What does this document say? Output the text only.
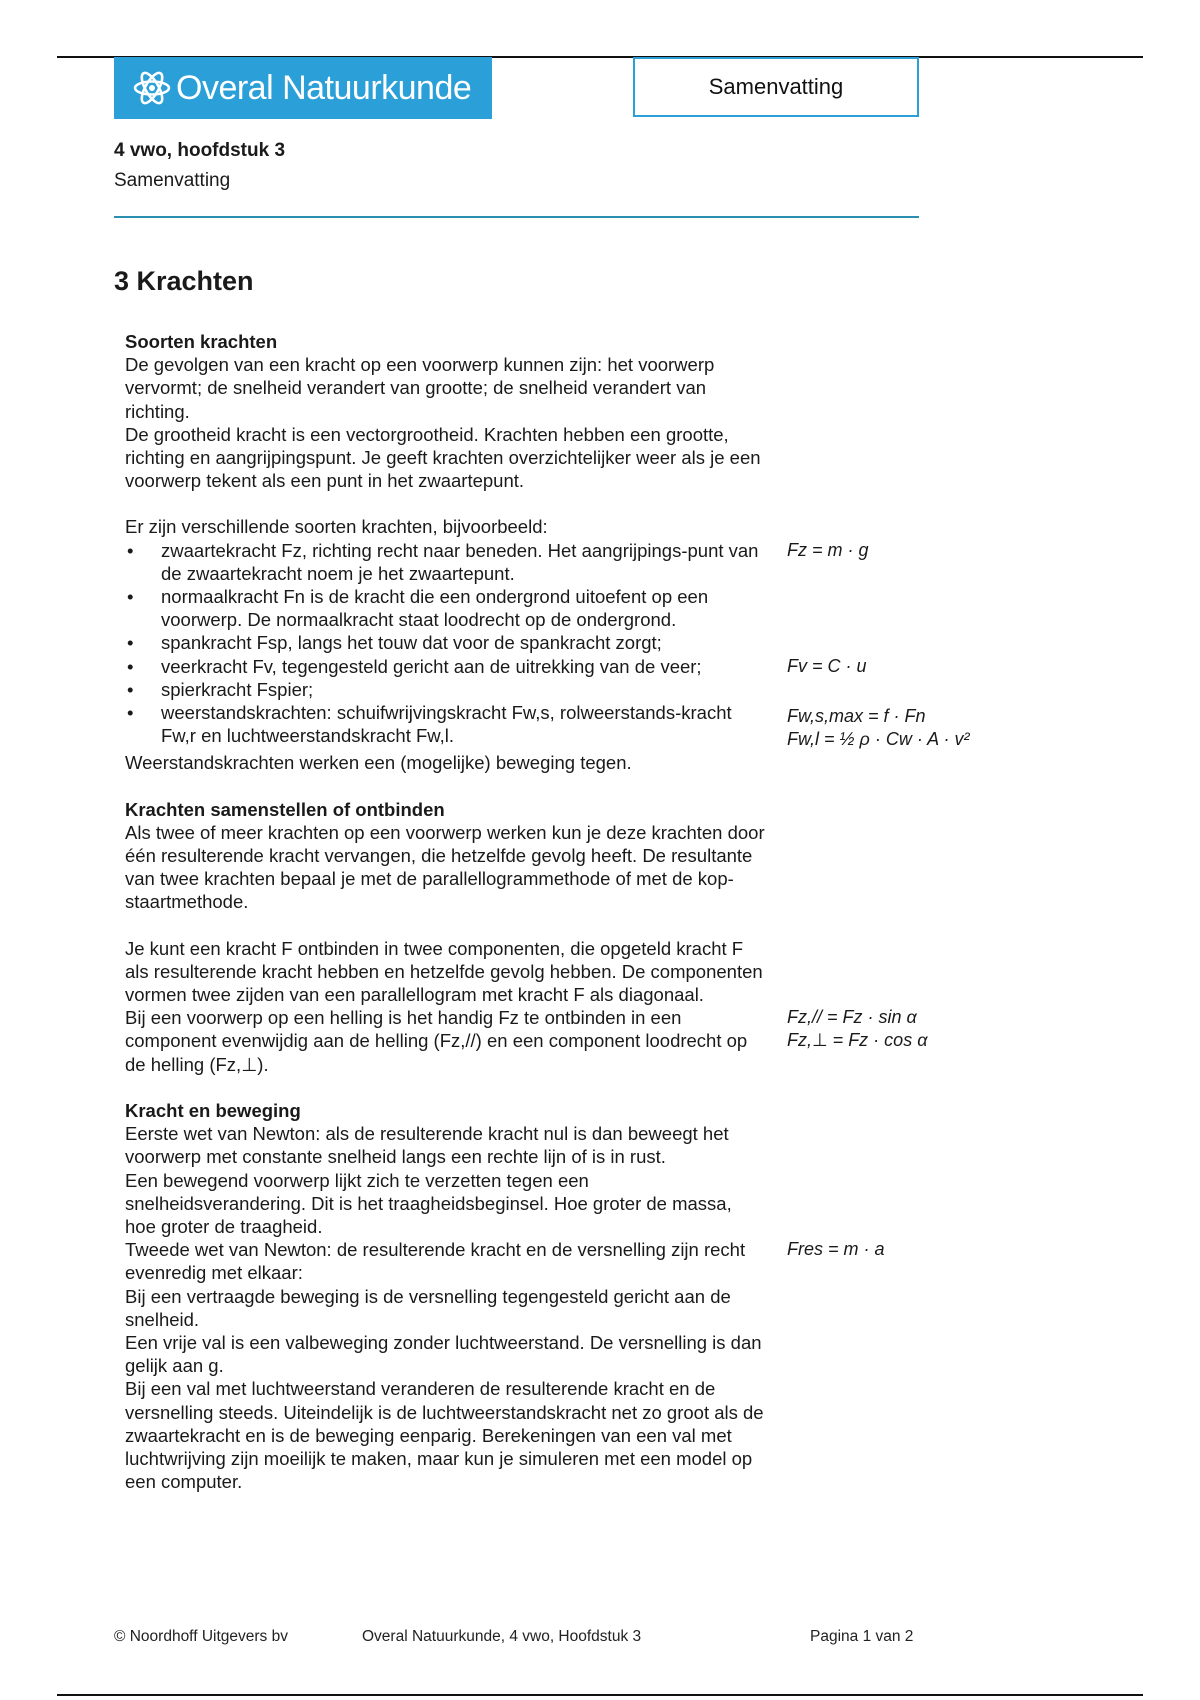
Overal Natuurkunde	Samenvatting
4 vwo, hoofdstuk 3
Samenvatting
3 Krachten
Soorten krachten

De gevolgen van een kracht op een voorwerp kunnen zijn: het voorwerp vervormt; de snelheid verandert van grootte; de snelheid verandert van richting.

De grootheid kracht is een vectorgrootheid. Krachten hebben een grootte, richting en aangrijpingspunt. Je geeft krachten overzichtelijker weer als je een voorwerp tekent als een punt in het zwaartepunt.

Er zijn verschillende soorten krachten, bijvoorbeeld:

•	zwaartekracht Fz, richting recht naar beneden. Het aangrijpings-punt van de zwaartekracht noem je het zwaartepunt.
Fz = m · g
•	normaalkracht Fn is de kracht die een ondergrond uitoefent op een voorwerp. De normaalkracht staat loodrecht op de ondergrond.
•	spankracht Fsp, langs het touw dat voor de spankracht zorgt;
•	veerkracht Fv, tegengesteld gericht aan de uitrekking van de veer;	Fv = C · u
•	spierkracht Fspier;
•	weerstandskrachten: schuifwrijvingskracht Fw,s, rolweerstands-kracht Fw,r en luchtweerstandskracht Fw,l.
Fw,s,max = f · Fn
Fw,l = ½ ρ · Cw · A · v²

Weerstandskrachten werken een (mogelijke) beweging tegen.

Krachten samenstellen of ontbinden

Als twee of meer krachten op een voorwerp werken kun je deze krachten door één resulterende kracht vervangen, die hetzelfde gevolg heeft. De resultante van twee krachten bepaal je met de parallellogrammethode of met de kop-staartmethode.

Je kunt een kracht F ontbinden in twee componenten, die opgeteld kracht F als resulterende kracht hebben en hetzelfde gevolg hebben. De componenten vormen twee zijden van een parallellogram met kracht F als diagonaal.

Bij een voorwerp op een helling is het handig Fz te ontbinden in een component evenwijdig aan de helling (Fz,//) en een component loodrecht op de helling (Fz,⊥).
Fz,// = Fz · sin α
Fz,⊥ = Fz · cos α
Kracht en beweging

Eerste wet van Newton: als de resulterende kracht nul is dan beweegt het voorwerp met constante snelheid langs een rechte lijn of is in rust.

Een bewegend voorwerp lijkt zich te verzetten tegen een snelheidsverandering. Dit is het traagheidsbeginsel. Hoe groter de massa, hoe groter de traagheid.

Tweede wet van Newton: de resulterende kracht en de versnelling zijn recht evenredig met elkaar:
Fres = m · a

Bij een vertraagde beweging is de versnelling tegengesteld gericht aan de snelheid.

Een vrije val is een valbeweging zonder luchtweerstand. De versnelling is dan gelijk aan g.

Bij een val met luchtweerstand veranderen de resulterende kracht en de versnelling steeds. Uiteindelijk is de luchtweerstandskracht net zo groot als de zwaartekracht en is de beweging eenparig. Berekeningen van een val met luchtwrijving zijn moeilijk te maken, maar kun je simuleren met een model op een computer.

© Noordhoff Uitgevers bv	Overal Natuurkunde, 4 vwo, Hoofdstuk 3	Pagina 1 van 2
